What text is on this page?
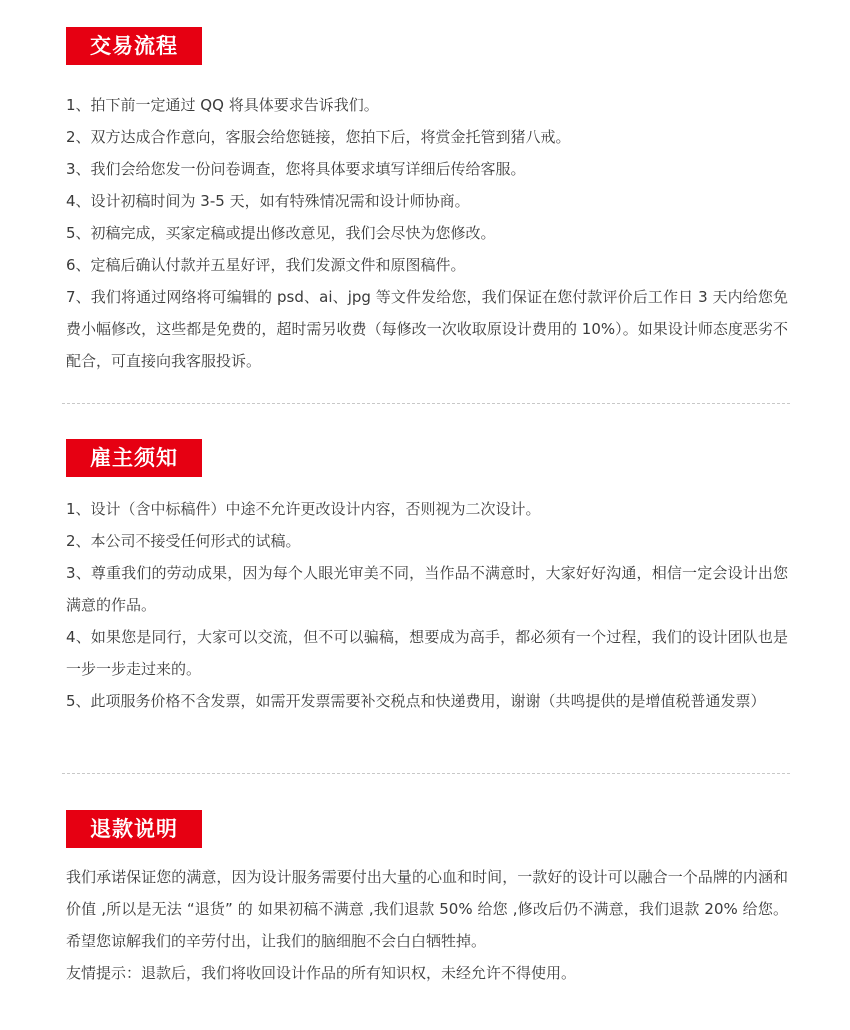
交易流程

1、拍下前一定通过 QQ 将具体要求告诉我们。

2、双方达成合作意向，客服会给您链接，您拍下后，将赏金托管到猪八戒。

3、我们会给您发一份问卷调查，您将具体要求填写详细后传给客服。

4、设计初稿时间为 3-5 天，如有特殊情况需和设计师协商。

5、初稿完成，买家定稿或提出修改意见，我们会尽快为您修改。

6、定稿后确认付款并五星好评，我们发源文件和原图稿件。

7、我们将通过网络将可编辑的 psd、ai、jpg 等文件发给您，我们保证在您付款评价后工作日 3 天内给您免费小幅修改，这些都是免费的，超时需另收费（每修改一次收取原设计费用的 10%）。如果设计师态度恶劣不配合，可直接向我客服投诉。

雇主须知

1、设计（含中标稿件）中途不允许更改设计内容，否则视为二次设计。

2、本公司不接受任何形式的试稿。

3、尊重我们的劳动成果，因为每个人眼光审美不同，当作品不满意时，大家好好沟通，相信一定会设计出您满意的作品。

4、如果您是同行，大家可以交流，但不可以骗稿，想要成为高手，都必须有一个过程，我们的设计团队也是一步一步走过来的。

5、此项服务价格不含发票，如需开发票需要补交税点和快递费用，谢谢（共鸣提供的是增值税普通发票）

退款说明

我们承诺保证您的满意，因为设计服务需要付出大量的心血和时间，一款好的设计可以融合一个品牌的内涵和价值 ,所以是无法 “退货” 的 如果初稿不满意 ,我们退款 50% 给您 ,修改后仍不满意，我们退款 20% 给您。希望您谅解我们的辛劳付出，让我们的脑细胞不会白白牺牲掉。

友情提示：退款后，我们将收回设计作品的所有知识权，未经允许不得使用。
